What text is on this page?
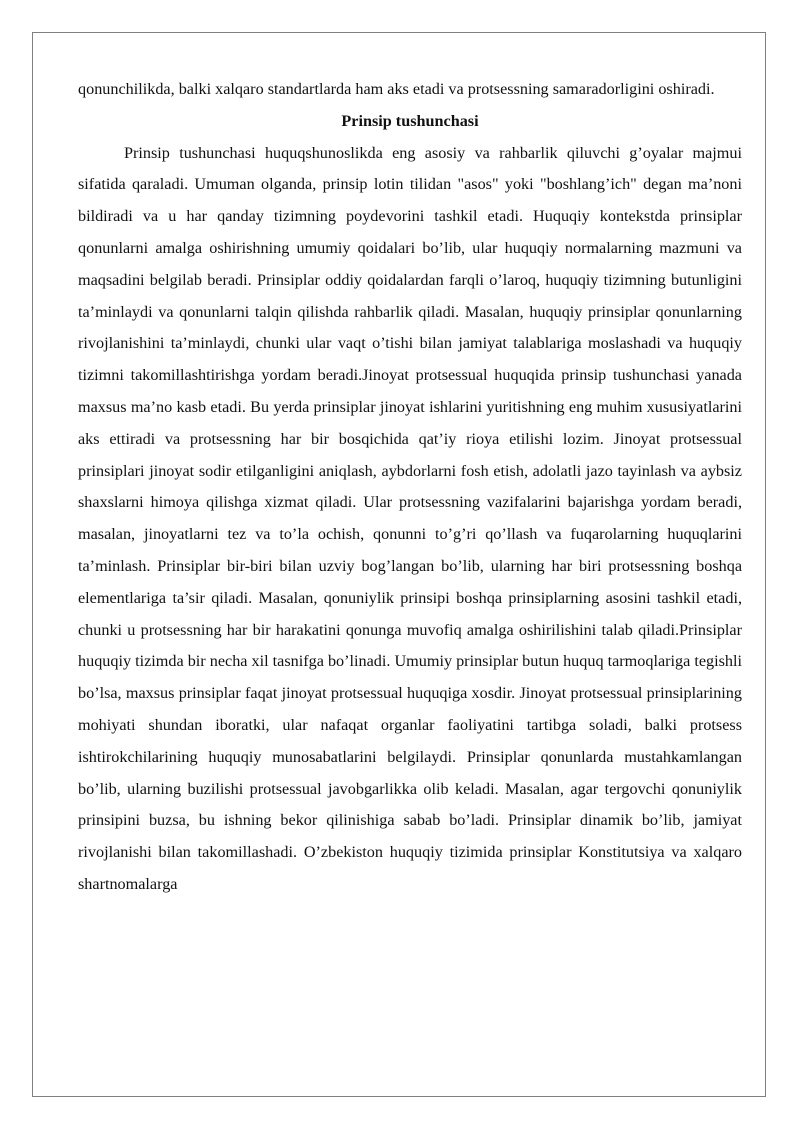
qonunchilikda, balki xalqaro standartlarda ham aks etadi va protsessning samaradorligini oshiradi.

Prinsip tushunchasi

Prinsip tushunchasi huquqshunoslikda eng asosiy va rahbarlik qiluvchi g’oyalar majmui sifatida qaraladi. Umuman olganda, prinsip lotin tilidan "asos" yoki "boshlang’ich" degan ma’noni bildiradi va u har qanday tizimning poydevorini tashkil etadi. Huquqiy kontekstda prinsiplar qonunlarni amalga oshirishning umumiy qoidalari bo’lib, ular huquqiy normalarning mazmuni va maqsadini belgilab beradi. Prinsiplar oddiy qoidalardan farqli o’laroq, huquqiy tizimning butunligini ta’minlaydi va qonunlarni talqin qilishda rahbarlik qiladi. Masalan, huquqiy prinsiplar qonunlarning rivojlanishini ta’minlaydi, chunki ular vaqt o’tishi bilan jamiyat talablariga moslashadi va huquqiy tizimni takomillashtirishga yordam beradi.Jinoyat protsessual huquqida prinsip tushunchasi yanada maxsus ma’no kasb etadi. Bu yerda prinsiplar jinoyat ishlarini yuritishning eng muhim xususiyatlarini aks ettiradi va protsessning har bir bosqichida qat’iy rioya etilishi lozim. Jinoyat protsessual prinsiplari jinoyat sodir etilganligini aniqlash, aybdorlarni fosh etish, adolatli jazo tayinlash va aybsiz shaxslarni himoya qilishga xizmat qiladi. Ular protsessning vazifalarini bajarishga yordam beradi, masalan, jinoyatlarni tez va to’la ochish, qonunni to’g’ri qo’llash va fuqarolarning huquqlarini ta’minlash. Prinsiplar bir-biri bilan uzviy bog’langan bo’lib, ularning har biri protsessning boshqa elementlariga ta’sir qiladi. Masalan, qonuniylik prinsipi boshqa prinsiplarning asosini tashkil etadi, chunki u protsessning har bir harakatini qonunga muvofiq amalga oshirilishini talab qiladi.Prinsiplar huquqiy tizimda bir necha xil tasnifga bo’linadi. Umumiy prinsiplar butun huquq tarmoqlariga tegishli bo’lsa, maxsus prinsiplar faqat jinoyat protsessual huquqiga xosdir. Jinoyat protsessual prinsiplarining mohiyati shundan iboratki, ular nafaqat organlar faoliyatini tartibga soladi, balki protsess ishtirokchilarining huquqiy munosabatlarini belgilaydi. Prinsiplar qonunlarda mustahkamlangan bo’lib, ularning buzilishi protsessual javobgarlikka olib keladi. Masalan, agar tergovchi qonuniylik prinsipini buzsa, bu ishning bekor qilinishiga sabab bo’ladi. Prinsiplar dinamik bo’lib, jamiyat rivojlanishi bilan takomillashadi. O’zbekiston huquqiy tizimida prinsiplar Konstitutsiya va xalqaro shartnomalarga
